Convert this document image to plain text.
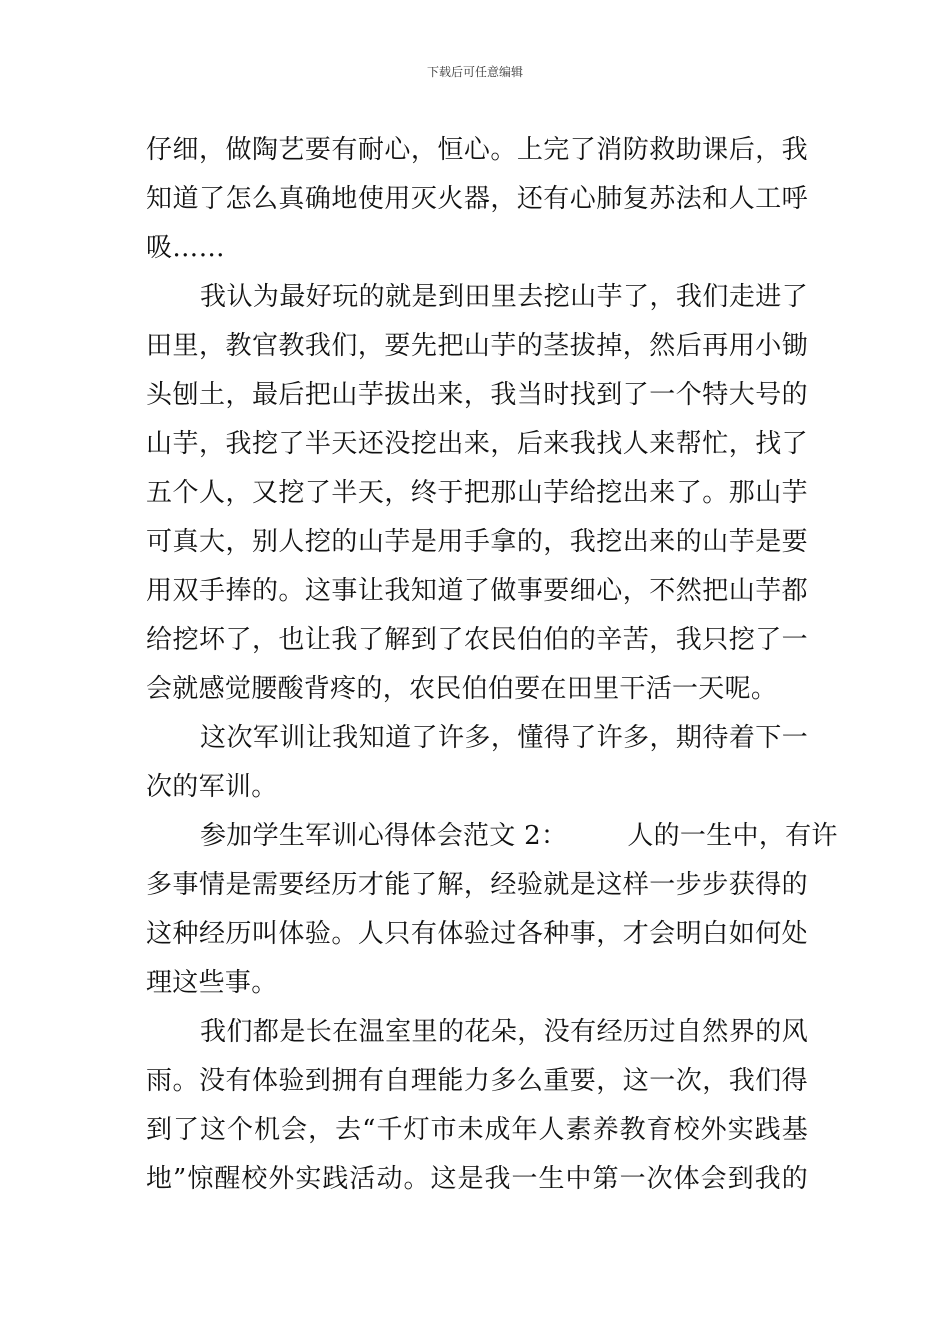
下载后可任意编辑
仔细，做陶艺要有耐心，恒心。上完了消防救助课后，我
知道了怎么真确地使用灭火器，还有心肺复苏法和人工呼
吸……
我认为最好玩的就是到田里去挖山芋了，我们走进了
田里，教官教我们，要先把山芋的茎拔掉，然后再用小锄
头刨土，最后把山芋拔出来，我当时找到了一个特大号的
山芋，我挖了半天还没挖出来，后来我找人来帮忙，找了
五个人，又挖了半天，终于把那山芋给挖出来了。那山芋
可真大，别人挖的山芋是用手拿的，我挖出来的山芋是要
用双手捧的。这事让我知道了做事要细心，不然把山芋都
给挖坏了，也让我了解到了农民伯伯的辛苦，我只挖了一
会就感觉腰酸背疼的，农民伯伯要在田里干活一天呢。
这次军训让我知道了许多，懂得了许多，期待着下一
次的军训。
参加学生军训心得体会范文 2： 人的一生中，有许
多事情是需要经历才能了解，经验就是这样一步步获得的
这种经历叫体验。人只有体验过各种事，才会明白如何处
理这些事。
我们都是长在温室里的花朵，没有经历过自然界的风
雨。没有体验到拥有自理能力多么重要，这一次，我们得
到了这个机会，去“千灯市未成年人素养教育校外实践基
地”惊醒校外实践活动。这是我一生中第一次体会到我的
